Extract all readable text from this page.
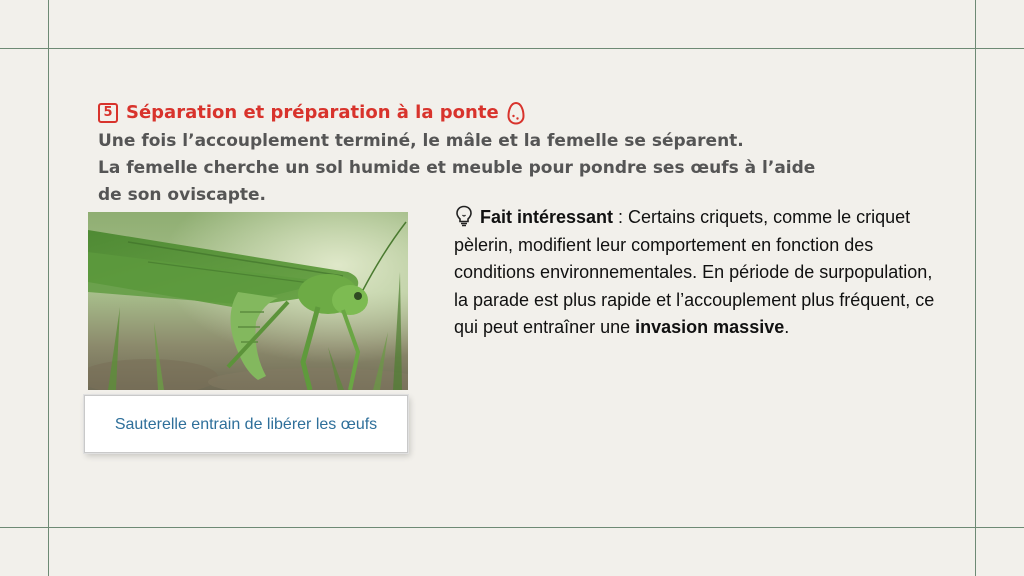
5 Séparation et préparation à la ponte
Une fois l’accouplement terminé, le mâle et la femelle se séparent.
La femelle cherche un sol humide et meuble pour pondre ses œufs à l’aide
de son oviscapte.
Sauterelle entrain de libérer les œufs
Fait intéressant : Certains criquets, comme le criquet pèlerin, modifient leur comportement en fonction des conditions environnementales. En période de surpopulation, la parade est plus rapide et l’accouplement plus fréquent, ce qui peut entraîner une invasion massive.
